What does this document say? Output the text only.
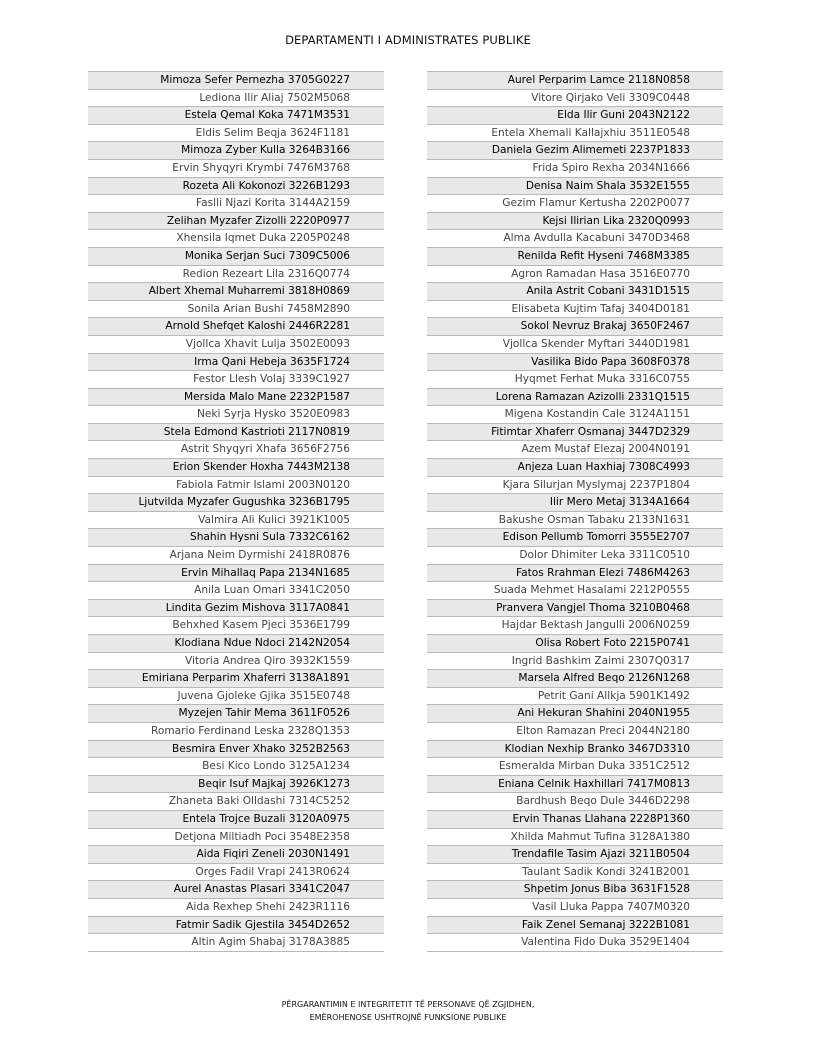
DEPARTAMENTI I ADMINISTRATES PUBLIKE
Mimoza Sefer Pernezha 3705G0227
Lediona Ilir Aliaj 7502M5068
Estela Qemal Koka 7471M3531
Eldis Selim Beqja 3624F1181
Mimoza Zyber Kulla 3264B3166
Ervin Shyqyri Krymbi 7476M3768
Rozeta Ali Kokonozi 3226B1293
Faslli Njazi Korita 3144A2159
Zelihan Myzafer Zizolli 2220P0977
Xhensila Iqmet Duka 2205P0248
Monika Serjan Suci 7309C5006
Redion Rezeart Lila 2316Q0774
Albert Xhemal Muharremi 3818H0869
Sonila Arian Bushi 7458M2890
Arnold Shefqet Kaloshi 2446R2281
Vjollca Xhavit Lulja 3502E0093
Irma Qani Hebeja 3635F1724
Festor Llesh Volaj 3339C1927
Mersida Malo Mane 2232P1587
Neki Syrja Hysko 3520E0983
Stela Edmond Kastrioti 2117N0819
Astrit Shyqyri Xhafa 3656F2756
Erion Skender Hoxha 7443M2138
Fabiola Fatmir Islami 2003N0120
Ljutvilda Myzafer Gugushka 3236B1795
Valmira Ali Kulici 3921K1005
Shahin Hysni Sula 7332C6162
Arjana Neim Dyrmishi 2418R0876
Ervin Mihallaq Papa 2134N1685
Anila Luan Omari 3341C2050
Lindita Gezim Mishova 3117A0841
Behxhed Kasem Pjeci 3536E1799
Klodiana Ndue Ndoci 2142N2054
Vitoria Andrea Qiro 3932K1559
Emiriana Perparim Xhaferri 3138A1891
Juvena Gjoleke Gjika 3515E0748
Myzejen Tahir Mema 3611F0526
Romario Ferdinand Leska 2328Q1353
Besmira Enver Xhako 3252B2563
Besi Kico Londo 3125A1234
Beqir Isuf Majkaj 3926K1273
Zhaneta Baki Olldashi 7314C5252
Entela Trojce Buzali 3120A0975
Detjona Miltiadh Poci 3548E2358
Aida Fiqiri Zeneli 2030N1491
Orges Fadil Vrapi 2413R0624
Aurel Anastas Plasari 3341C2047
Aida Rexhep Shehi 2423R1116
Fatmir Sadik Gjestila 3454D2652
Altin Agim Shabaj 3178A3885
Aurel Perparim Lamce 2118N0858
Vitore Qirjako Veli 3309C0448
Elda Ilir Guni 2043N2122
Entela Xhemali Kallajxhiu 3511E0548
Daniela Gezim Alimemeti 2237P1833
Frida Spiro Rexha 2034N1666
Denisa Naim Shala 3532E1555
Gezim Flamur Kertusha 2202P0077
Kejsi Ilirian Lika 2320Q0993
Alma Avdulla Kacabuni 3470D3468
Renilda Refit Hyseni 7468M3385
Agron Ramadan Hasa 3516E0770
Anila Astrit Cobani 3431D1515
Elisabeta Kujtim Tafaj 3404D0181
Sokol Nevruz Brakaj 3650F2467
Vjollca Skender Myftari 3440D1981
Vasilika Bido Papa 3608F0378
Hyqmet Ferhat Muka 3316C0755
Lorena Ramazan Azizolli 2331Q1515
Migena Kostandin Cale 3124A1151
Fitimtar Xhaferr Osmanaj 3447D2329
Azem Mustaf Elezaj 2004N0191
Anjeza Luan Haxhiaj 7308C4993
Kjara Silurjan Myslymaj 2237P1804
Ilir Mero Metaj 3134A1664
Bakushe Osman Tabaku 2133N1631
Edison Pellumb Tomorri 3555E2707
Dolor Dhimiter Leka 3311C0510
Fatos Rrahman Elezi 7486M4263
Suada Mehmet Hasalami 2212P0555
Pranvera Vangjel Thoma 3210B0468
Hajdar Bektash Jangulli 2006N0259
Olisa Robert Foto 2215P0741
Ingrid Bashkim Zaimi 2307Q0317
Marsela Alfred Beqo 2126N1268
Petrit Gani Allkja 5901K1492
Ani Hekuran Shahini 2040N1955
Elton Ramazan Preci 2044N2180
Klodian Nexhip Branko 3467D3310
Esmeralda Mirban Duka 3351C2512
Eniana Celnik Haxhillari 7417M0813
Bardhush Beqo Dule 3446D2298
Ervin Thanas Llahana 2228P1360
Xhilda Mahmut Tufina 3128A1380
Trendafile Tasim Ajazi 3211B0504
Taulant Sadik Kondi 3241B2001
Shpetim Jonus Biba 3631F1528
Vasil Lluka Pappa 7407M0320
Faik Zenel Semanaj 3222B1081
Valentina Fido Duka 3529E1404
PËRGARANTIMIN E INTEGRITETIT TË PERSONAVE QË ZGJIDHEN,
EMËROHENOSE USHTROJNË FUNKSIONE PUBLIKE
